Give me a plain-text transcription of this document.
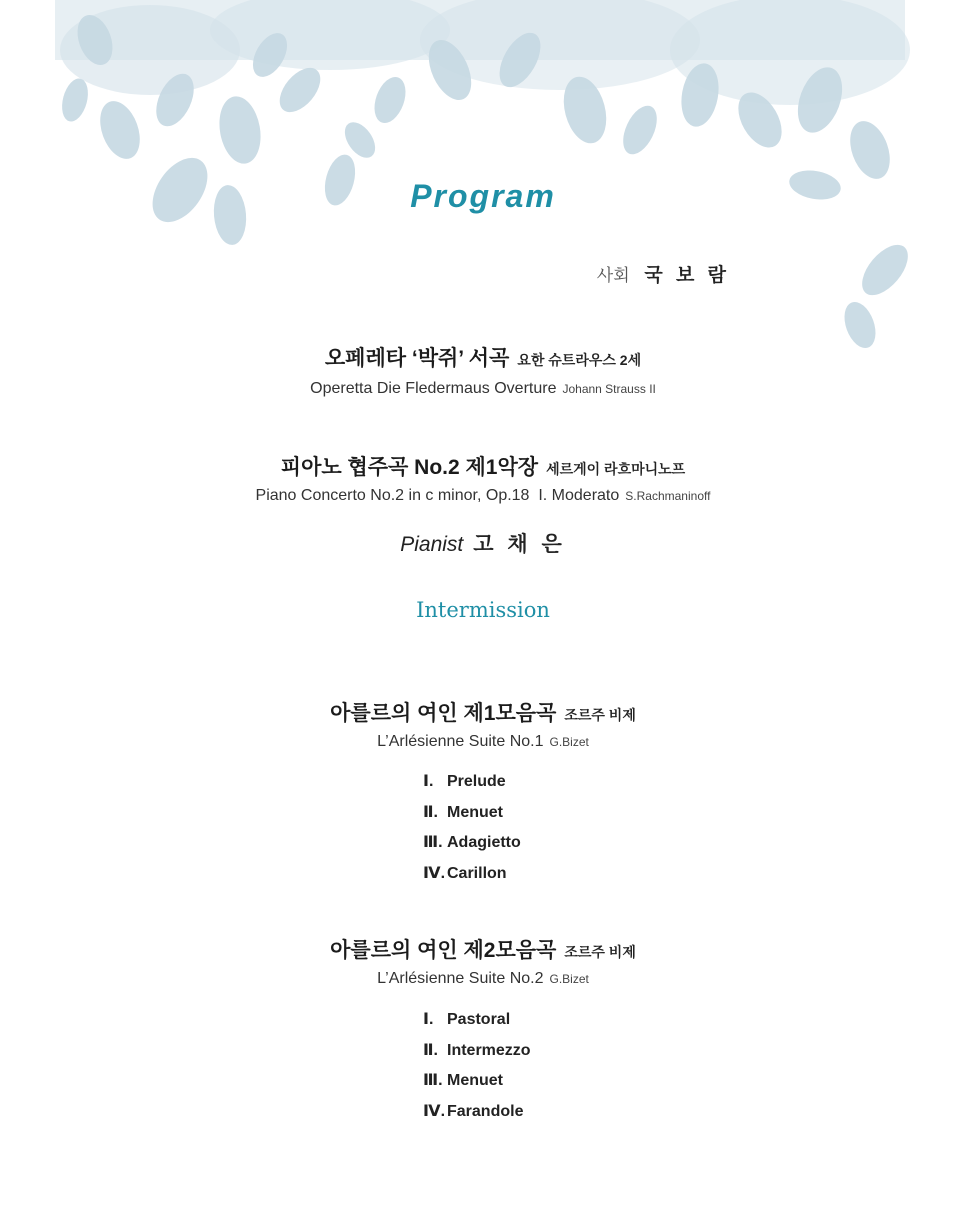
Program
사회 국 보 람
오페레타 ‘박쥐’ 서곡 요한 슈트라우스 2세
Operetta Die Fledermaus Overture Johann Strauss II
피아노 협주곡 No.2 제1악장 세르게이 라흐마니노프
Piano Concerto No.2 in c minor, Op.18  I. Moderato S.Rachmaninoff
Pianist 고 채 은
Intermission
아를르의 여인 제1모음곡 조르주 비제
L’Arlésienne Suite No.1 G.Bizet
Ⅰ. Prelude
Ⅱ. Menuet
Ⅲ. Adagietto
Ⅳ. Carillon
아를르의 여인 제2모음곡 조르주 비제
L’Arlésienne Suite No.2 G.Bizet
Ⅰ. Pastoral
Ⅱ. Intermezzo
Ⅲ. Menuet
Ⅳ. Farandole
